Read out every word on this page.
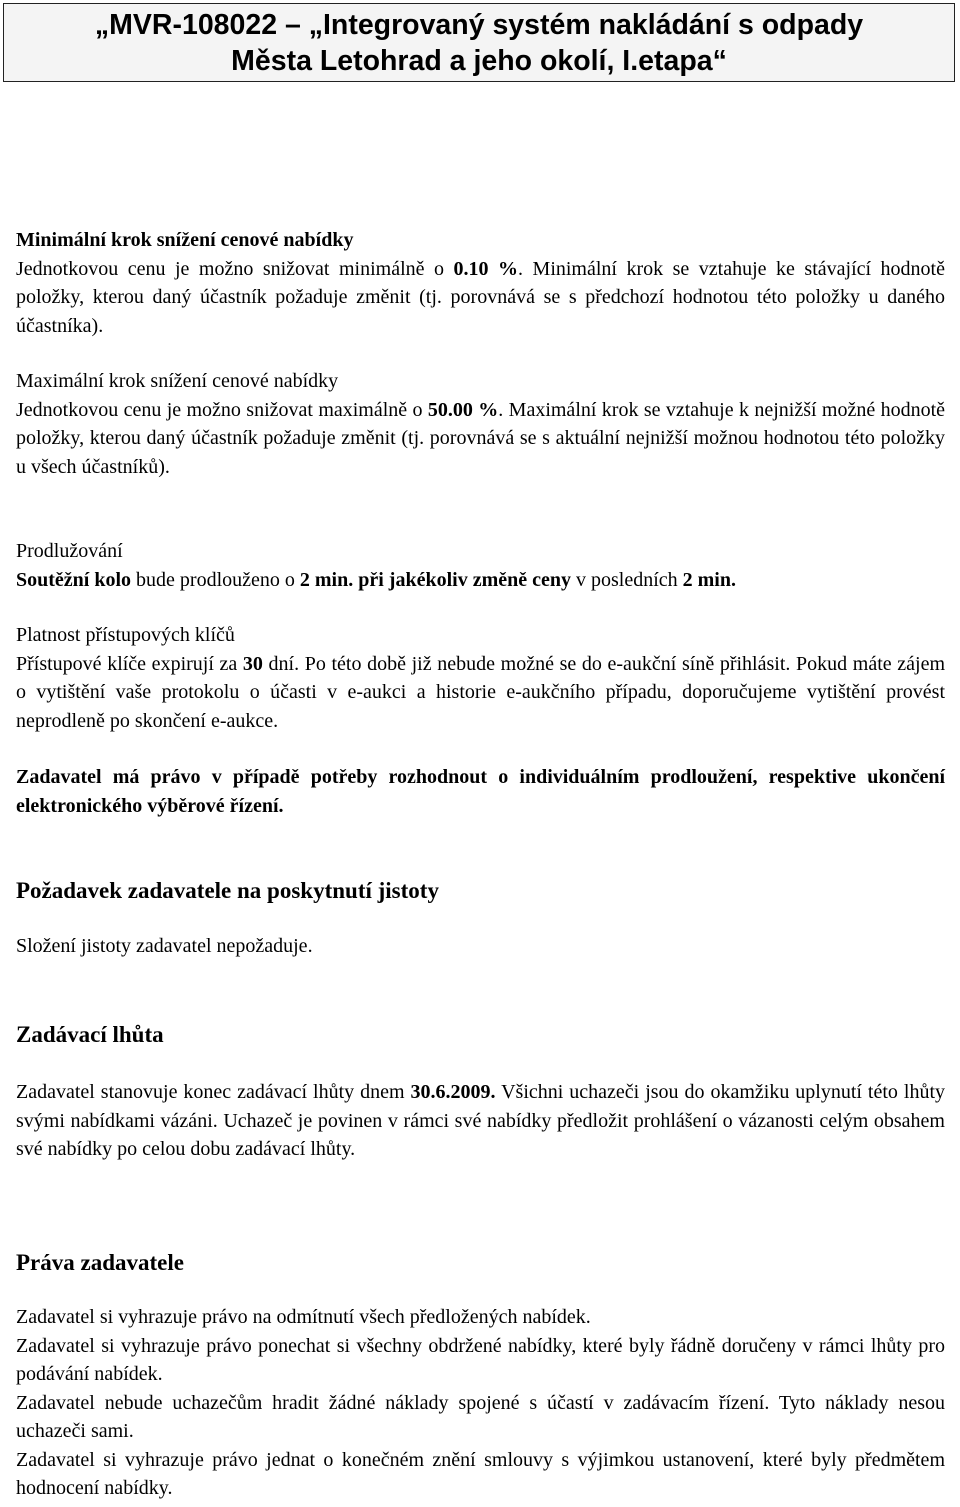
„MVR-108022 – „Integrovaný systém nakládání s odpady
Města Letohrad a jeho okolí, I.etapa“
Minimální krok snížení cenové nabídky

Jednotkovou cenu je možno snižovat minimálně o 0.10 %. Minimální krok se vztahuje ke stávající hodnotě položky, kterou daný účastník požaduje změnit (tj. porovnává se s předchozí hodnotou této položky u daného účastníka).

Maximální krok snížení cenové nabídky

Jednotkovou cenu je možno snižovat maximálně o 50.00 %. Maximální krok se vztahuje k nejnižší možné hodnotě položky, kterou daný účastník požaduje změnit (tj. porovnává se s aktuální nejnižší možnou hodnotou této položky u všech účastníků).

Prodlužování

Soutěžní kolo bude prodlouženo o 2 min. při jakékoliv změně ceny v posledních 2 min.

Platnost přístupových klíčů

Přístupové klíče expirují za 30 dní. Po této době již nebude možné se do e-aukční síně přihlásit. Pokud máte zájem o vytištění vaše protokolu o účasti v e-aukci a historie e-aukčního případu, doporučujeme vytištění provést neprodleně po skončení e-aukce.

Zadavatel má právo v případě potřeby rozhodnout o individuálním prodloužení, respektive ukončení elektronického výběrové řízení.

Požadavek zadavatele na poskytnutí jistoty

Složení jistoty zadavatel nepožaduje.

Zadávací lhůta

Zadavatel stanovuje konec zadávací lhůty dnem 30.6.2009. Všichni uchazeči jsou do okamžiku uplynutí této lhůty svými nabídkami vázáni. Uchazeč je povinen v rámci své nabídky předložit prohlášení o vázanosti celým obsahem své nabídky po celou dobu zadávací lhůty.

Práva zadavatele

Zadavatel si vyhrazuje právo na odmítnutí všech předložených nabídek.

Zadavatel si vyhrazuje právo ponechat si všechny obdržené nabídky, které byly řádně doručeny v rámci lhůty pro podávání nabídek.

Zadavatel nebude uchazečům hradit žádné náklady spojené s účastí v zadávacím řízení. Tyto náklady nesou uchazeči sami.

Zadavatel si vyhrazuje právo jednat o konečném znění smlouvy s výjimkou ustanovení, které byly předmětem hodnocení nabídky.
